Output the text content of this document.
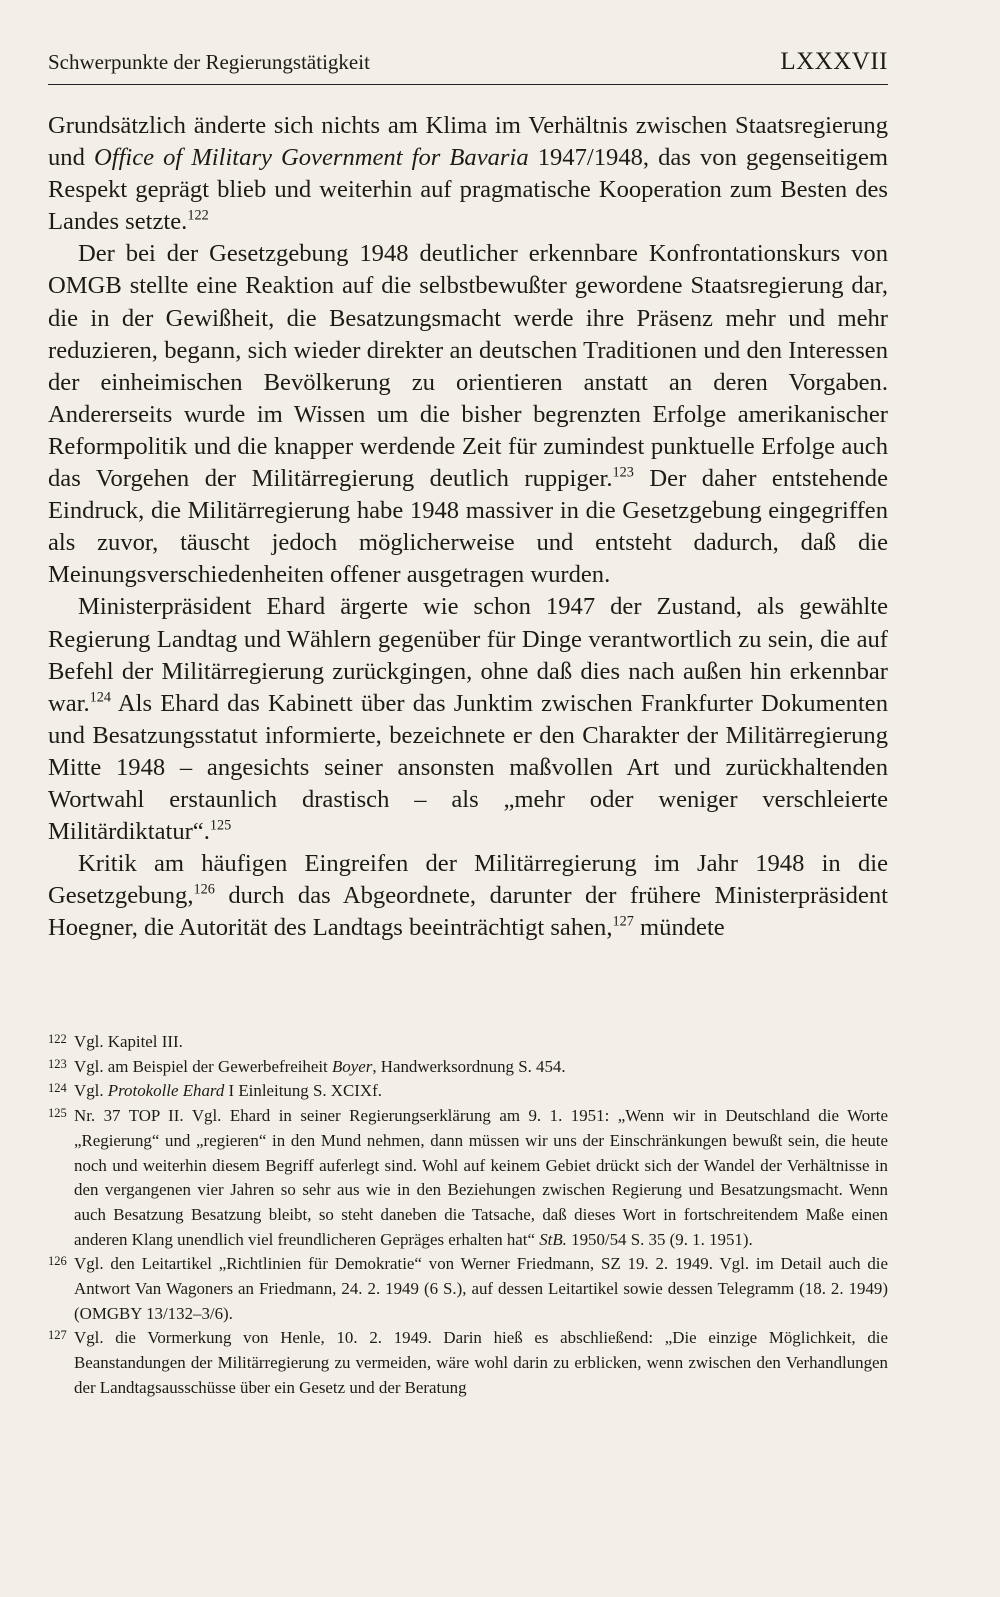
Schwerpunkte der Regierungstätigkeit	LXXXVII

Grundsätzlich änderte sich nichts am Klima im Verhältnis zwischen Staatsregierung und Office of Military Government for Bavaria 1947/1948, das von gegenseitigem Respekt geprägt blieb und weiterhin auf pragmatische Kooperation zum Besten des Landes setzte.$^{122}$

Der bei der Gesetzgebung 1948 deutlicher erkennbare Konfrontationskurs von OMGB stellte eine Reaktion auf die selbstbewußter gewordene Staatsregierung dar, die in der Gewißheit, die Besatzungsmacht werde ihre Präsenz mehr und mehr reduzieren, begann, sich wieder direkter an deutschen Traditionen und den Interessen der einheimischen Bevölkerung zu orientieren anstatt an deren Vorgaben. Andererseits wurde im Wissen um die bisher begrenzten Erfolge amerikanischer Reformpolitik und die knapper werdende Zeit für zumindest punktuelle Erfolge auch das Vorgehen der Militärregierung deutlich ruppiger.$^{123}$ Der daher entstehende Eindruck, die Militärregierung habe 1948 massiver in die Gesetzgebung eingegriffen als zuvor, täuscht jedoch möglicherweise und entsteht dadurch, daß die Meinungsverschiedenheiten offener ausgetragen wurden.

Ministerpräsident Ehard ärgerte wie schon 1947 der Zustand, als gewählte Regierung Landtag und Wählern gegenüber für Dinge verantwortlich zu sein, die auf Befehl der Militärregierung zurückgingen, ohne daß dies nach außen hin erkennbar war.$^{124}$ Als Ehard das Kabinett über das Junktim zwischen Frankfurter Dokumenten und Besatzungsstatut informierte, bezeichnete er den Charakter der Militärregierung Mitte 1948 – angesichts seiner ansonsten maßvollen Art und zurückhaltenden Wortwahl erstaunlich drastisch – als „mehr oder weniger verschleierte Militärdiktatur“.$^{125}$

Kritik am häufigen Eingreifen der Militärregierung im Jahr 1948 in die Gesetzgebung,$^{126}$ durch das Abgeordnete, darunter der frühere Ministerpräsident Hoegner, die Autorität des Landtags beeinträchtigt sahen,$^{127}$ mündete

122 Vgl. Kapitel III.
123 Vgl. am Beispiel der Gewerbefreiheit Boyer, Handwerksordnung S. 454.
124 Vgl. Protokolle Ehard I Einleitung S. XCIXf.
125 Nr. 37 TOP II. Vgl. Ehard in seiner Regierungserklärung am 9. 1. 1951: „Wenn wir in Deutschland die Worte „Regierung“ und „regieren“ in den Mund nehmen, dann müssen wir uns der Einschränkungen bewußt sein, die heute noch und weiterhin diesem Begriff auferlegt sind. Wohl auf keinem Gebiet drückt sich der Wandel der Verhältnisse in den vergangenen vier Jahren so sehr aus wie in den Beziehungen zwischen Regierung und Besatzungsmacht. Wenn auch Besatzung Besatzung bleibt, so steht daneben die Tatsache, daß dieses Wort in fortschreitendem Maße einen anderen Klang unendlich viel freundlicheren Gepräges erhalten hat“ StB. 1950/54 S. 35 (9. 1. 1951).
126 Vgl. den Leitartikel „Richtlinien für Demokratie“ von Werner Friedmann, SZ 19. 2. 1949. Vgl. im Detail auch die Antwort Van Wagoners an Friedmann, 24. 2. 1949 (6 S.), auf dessen Leitartikel sowie dessen Telegramm (18. 2. 1949) (OMGBY 13/132–3/6).
127 Vgl. die Vormerkung von Henle, 10. 2. 1949. Darin hieß es abschließend: „Die einzige Möglichkeit, die Beanstandungen der Militärregierung zu vermeiden, wäre wohl darin zu erblicken, wenn zwischen den Verhandlungen der Landtagsausschüsse über ein Gesetz und der Beratung
